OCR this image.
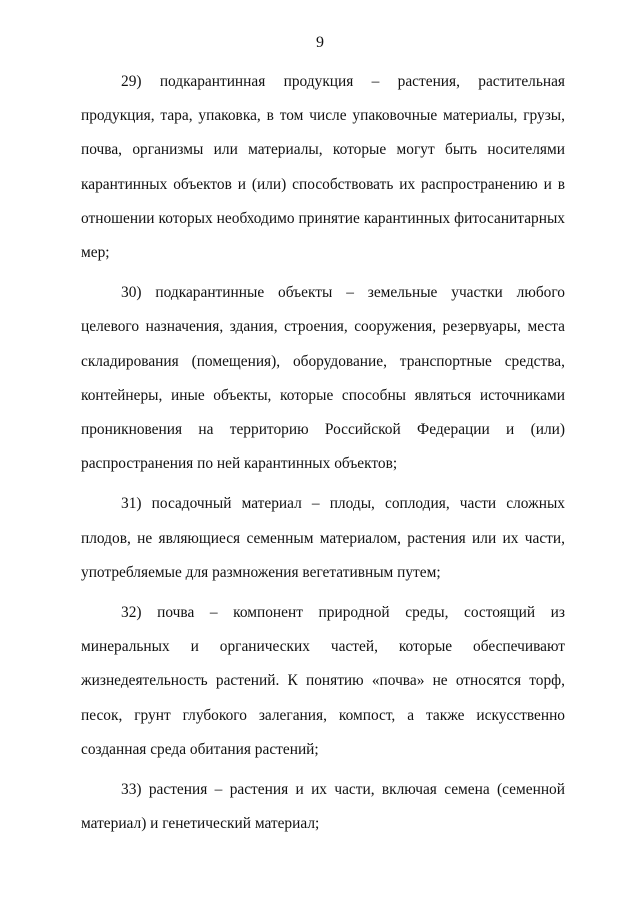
9

29) подкарантинная продукция – растения, растительная продукция, тара, упаковка, в том числе упаковочные материалы, грузы, почва, организмы или материалы, которые могут быть носителями карантинных объектов и (или) способствовать их распространению и в отношении которых необходимо принятие карантинных фитосанитарных мер;

30) подкарантинные объекты – земельные участки любого целевого назначения, здания, строения, сооружения, резервуары, места складирования (помещения), оборудование, транспортные средства, контейнеры, иные объекты, которые способны являться источниками проникновения на территорию Российской Федерации и (или) распространения по ней карантинных объектов;

31) посадочный материал – плоды, соплодия, части сложных плодов, не являющиеся семенным материалом, растения или их части, употребляемые для размножения вегетативным путем;

32) почва – компонент природной среды, состоящий из минеральных и органических частей, которые обеспечивают жизнедеятельность растений. К понятию «почва» не относятся торф, песок, грунт глубокого залегания, компост, а также искусственно созданная среда обитания растений;

33) растения – растения и их части, включая семена (семенной материал) и генетический материал;
